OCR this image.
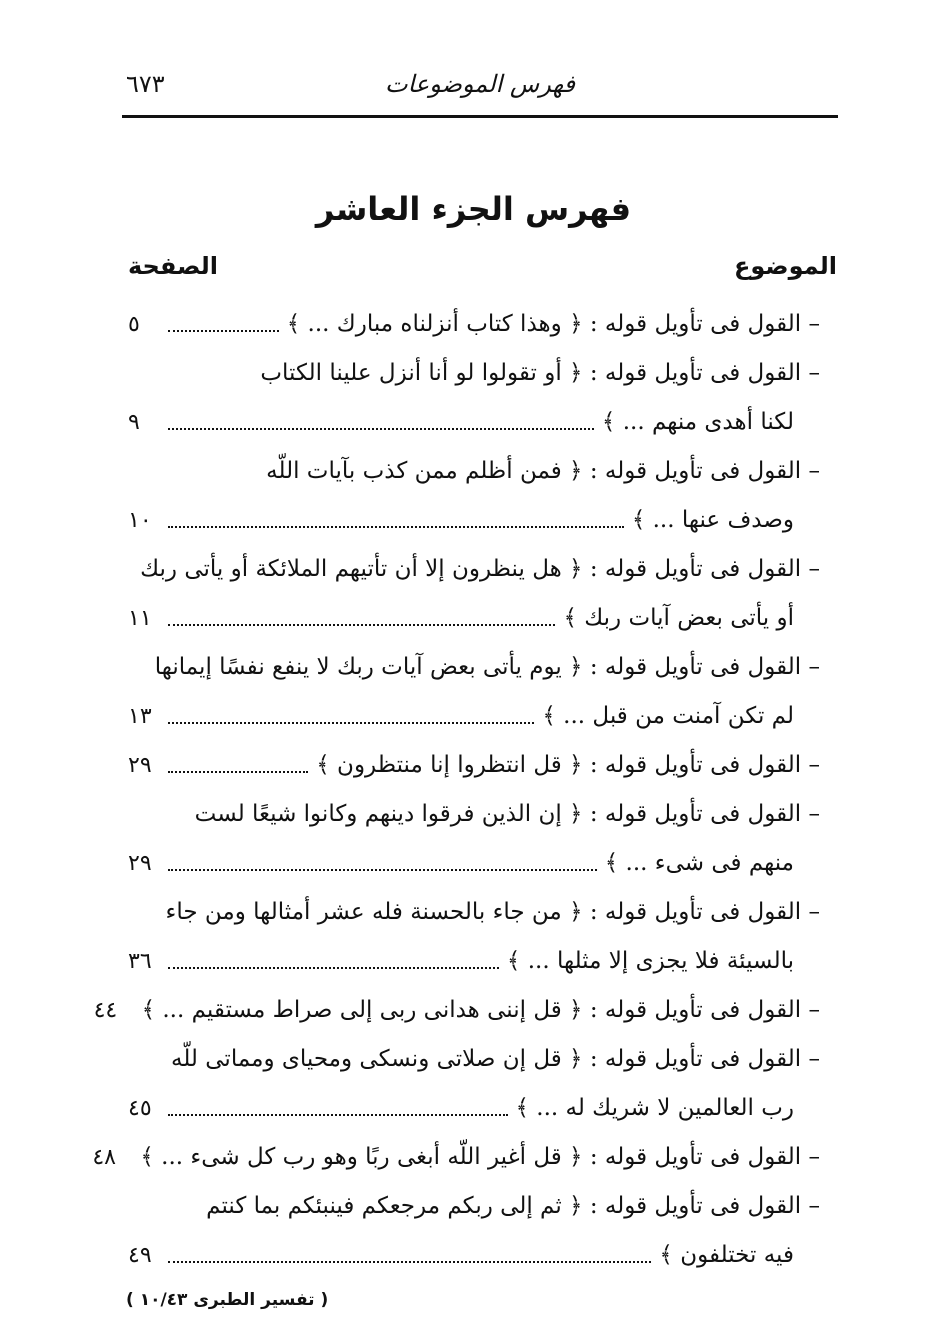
فهرس الموضوعات
٦٧٣
فهرس الجزء العاشر
الموضوع
الصفحة
– القول فى تأويل قوله : ﴿ وهذا كتاب أنزلناه مبارك ... ﴾
٥
– القول فى تأويل قوله : ﴿ أو تقولوا لو أنا أنزل علينا الكتاب
لكنا أهدى منهم ... ﴾
٩
– القول فى تأويل قوله : ﴿ فمن أظلم ممن كذب بآيات اللّه
وصدف عنها ... ﴾
١٠
– القول فى تأويل قوله : ﴿ هل ينظرون إلا أن تأتيهم الملائكة أو يأتى ربك
أو يأتى بعض آيات ربك ﴾
١١
– القول فى تأويل قوله : ﴿ يوم يأتى بعض آيات ربك لا ينفع نفسًا إيمانها
لم تكن آمنت من قبل ... ﴾
١٣
– القول فى تأويل قوله : ﴿ قل انتظروا إنا منتظرون ﴾
٢٩
– القول فى تأويل قوله : ﴿ إن الذين فرقوا دينهم وكانوا شيعًا لست
منهم فى شىء ... ﴾
٢٩
– القول فى تأويل قوله : ﴿ من جاء بالحسنة فله عشر أمثالها ومن جاء
بالسيئة فلا يجزى إلا مثلها ... ﴾
٣٦
– القول فى تأويل قوله : ﴿ قل إننى هدانى ربى إلى صراط مستقيم ... ﴾
٤٤
– القول فى تأويل قوله : ﴿ قل إن صلاتى ونسكى ومحياى ومماتى للّه
رب العالمين لا شريك له ... ﴾
٤٥
– القول فى تأويل قوله : ﴿ قل أغير اللّه أبغى ربًا وهو رب كل شىء ... ﴾
٤٨
– القول فى تأويل قوله : ﴿ ثم إلى ربكم مرجعكم فينبئكم بما كنتم
فيه تختلفون ﴾
٤٩
( تفسير الطبرى ١٠/٤٣ )
